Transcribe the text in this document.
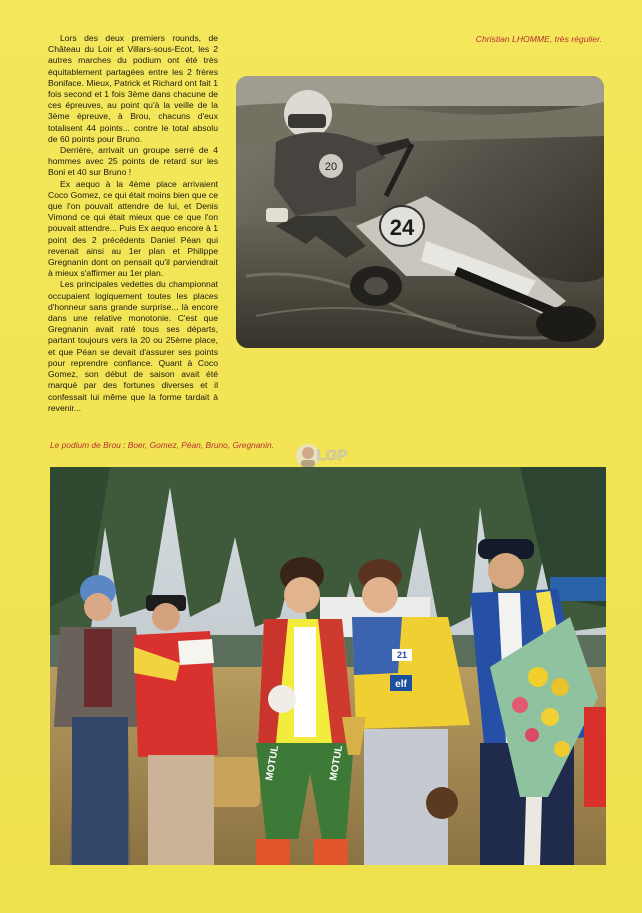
Lors des deux premiers rounds, de Château du Loir et Villars-sous-Ecot, les 2 autres marches du podium ont été très équitablement partagées entre les 2 frères Boniface. Mieux, Patrick et Richard ont fait 1 fois second et 1 fois 3ème dans chacune de ces épreuves, au point qu'à la veille de la 3ème épreuve, à Brou, chacuns d'eux totalisent 44 points... contre le total absolu de 60 points pour Bruno.

Derrière, arrivait un groupe serré de 4 hommes avec 25 points de retard sur les Boni et 40 sur Bruno !

Ex aequo à la 4ème place arrivaient Coco Gomez, ce qui était moins bien que ce que l'on pouvait attendre de lui, et Denis Vimond ce qui était mieux que ce que l'on pouvait attendre... Puis Ex aequo encore à 1 point des 2 précédents Daniel Péan qui revenait ainsi au 1er plan et Philippe Gregnanin dont on pensait qu'il parviendrait à mieux s'affirmer au 1er plan.

Les principales vedettes du championnat occupaient logiquement toutes les places d'honneur sans grande surprise... là encore dans une relative monotonie. C'est que Gregnanin avait raté tous ses départs, partant toujours vers la 20 ou 25ème place, et que Péan se devait d'assurer ses points pour reprendre confiance. Quant à Coco Gomez, son début de saison avait été marqué par des fortunes diverses et il confessait lui même que la forme tardait à revenir...

Christian LHOMME, très régulier.
20
24
Le podium de Brou : Boer, Gomez, Péan, Bruno, Gregnanin.
LGP
MOTUL	MOTUL
21
elf
